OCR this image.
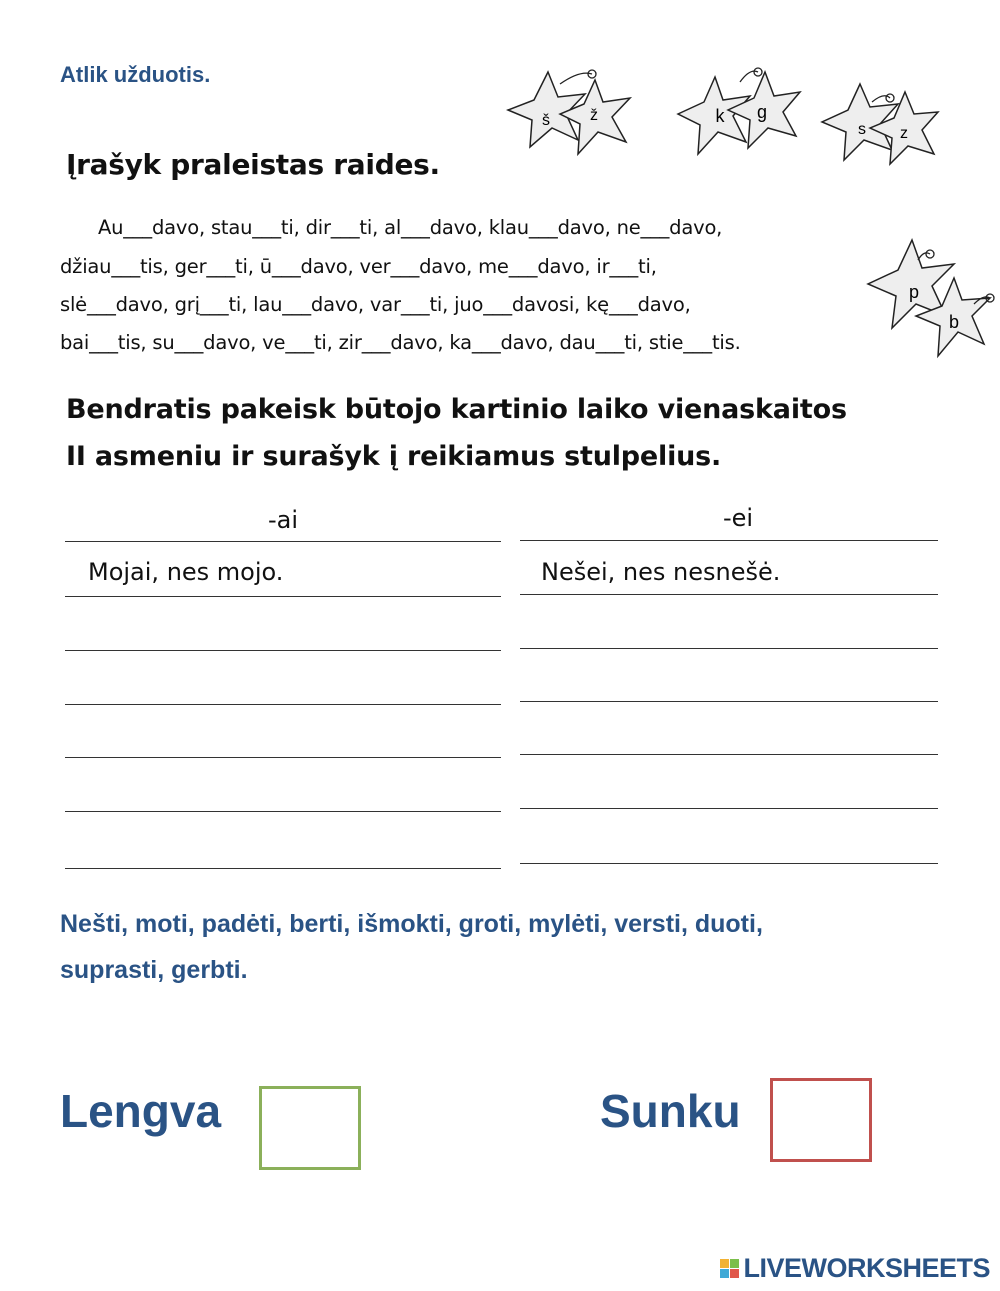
Atlik užduotis.
š	ž	k g
s z
Įrašyk praleistas raides.
Au___davo, stau___ti, dir___ti, al___davo, klau___davo, ne___davo,
džiau___tis, ger___ti, ū___davo, ver___davo, me___davo, ir___ti,
slė___davo, grį___ti, lau___davo, var___ti, juo___davosi, kę___davo,
bai___tis, su___davo, ve___ti, zir___davo, ka___davo, dau___ti, stie___tis.
p
b
Bendratis pakeisk būtojo kartinio laiko vienaskaitos
II asmeniu ir surašyk į reikiamus stulpelius.
-ai	-ei
Mojai, nes mojo.	Nešei, nes nesnešė.
Nešti, moti, padėti, berti, išmokti, groti, mylėti, versti, duoti,
suprasti, gerbti.
Lengva	Sunku
LIVEWORKSHEETS
